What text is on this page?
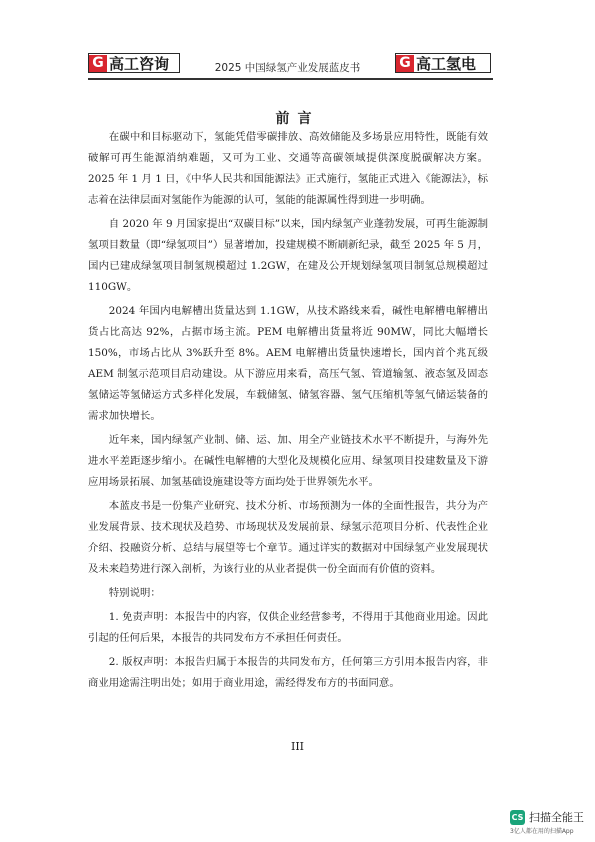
G 高工咨询	2025 中国绿氢产业发展蓝皮书	G 高工氢电
前言

在碳中和目标驱动下，氢能凭借零碳排放、高效储能及多场景应用特性，既能有效破解可再生能源消纳难题，又可为工业、交通等高碳领域提供深度脱碳解决方案。2025 年 1 月 1 日，《中华人民共和国能源法》正式施行，氢能正式进入《能源法》，标志着在法律层面对氢能作为能源的认可，氢能的能源属性得到进一步明确。

自 2020 年 9 月国家提出“双碳目标”以来，国内绿氢产业蓬勃发展，可再生能源制氢项目数量（即“绿氢项目”）显著增加，投建规模不断刷新纪录，截至 2025 年 5 月，国内已建成绿氢项目制氢规模超过 1.2GW，在建及公开规划绿氢项目制氢总规模超过 110GW。

2024 年国内电解槽出货量达到 1.1GW，从技术路线来看，碱性电解槽电解槽出货占比高达 92%，占据市场主流。PEM 电解槽出货量将近 90MW，同比大幅增长 150%，市场占比从 3%跃升至 8%。AEM 电解槽出货量快速增长，国内首个兆瓦级 AEM 制氢示范项目启动建设。从下游应用来看，高压气氢、管道输氢、液态氢及固态氢储运等氢储运方式多样化发展，车载储氢、储氢容器、氢气压缩机等氢气储运装备的需求加快增长。

近年来，国内绿氢产业制、储、运、加、用全产业链技术水平不断提升，与海外先进水平差距逐步缩小。在碱性电解槽的大型化及规模化应用、绿氢项目投建数量及下游应用场景拓展、加氢基础设施建设等方面均处于世界领先水平。

本蓝皮书是一份集产业研究、技术分析、市场预测为一体的全面性报告，共分为产业发展背景、技术现状及趋势、市场现状及发展前景、绿氢示范项目分析、代表性企业介绍、投融资分析、总结与展望等七个章节。通过详实的数据对中国绿氢产业发展现状及未来趋势进行深入剖析，为该行业的从业者提供一份全面而有价值的资料。

特别说明：

1. 免责声明：本报告中的内容，仅供企业经营参考，不得用于其他商业用途。因此引起的任何后果，本报告的共同发布方不承担任何责任。

2. 版权声明：本报告归属于本报告的共同发布方，任何第三方引用本报告内容，非商业用途需注明出处；如用于商业用途，需经得发布方的书面同意。

III
CS 扫描全能王
3亿人都在用的扫描App
